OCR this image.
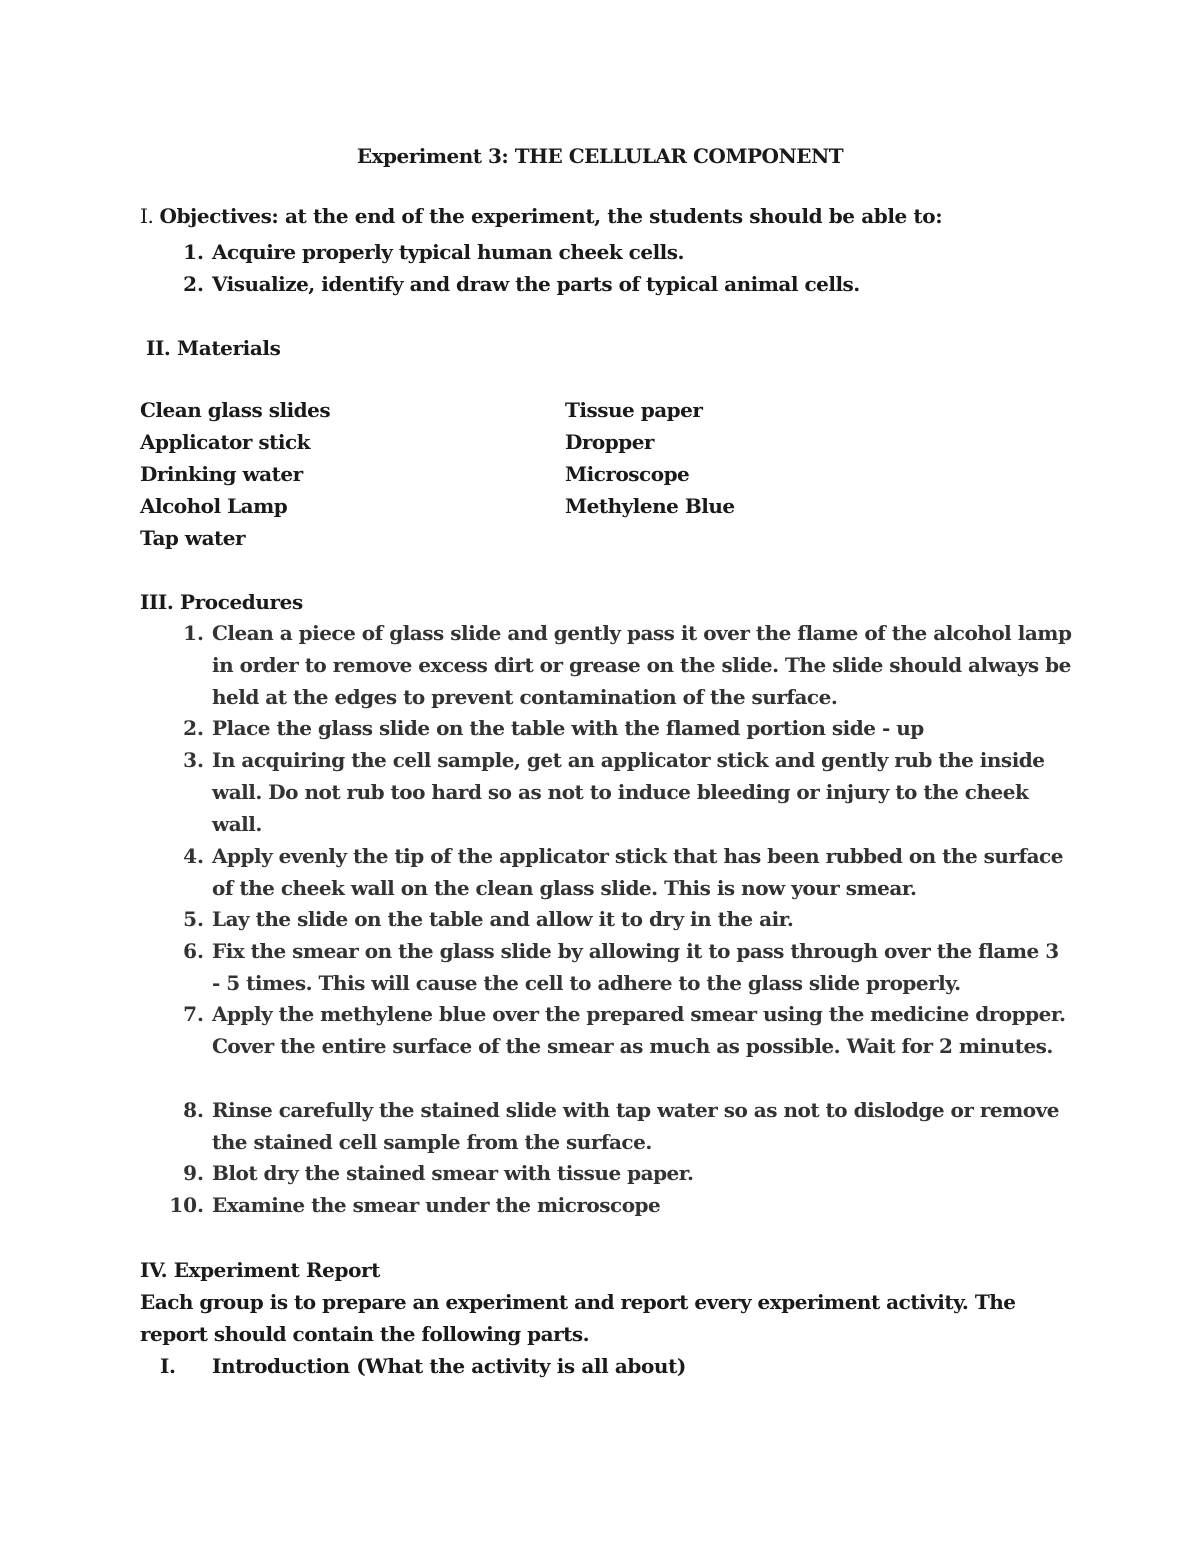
Experiment 3: THE CELLULAR COMPONENT
I. Objectives: at the end of the experiment, the students should be able to:
1. Acquire properly typical human cheek cells.
2. Visualize, identify and draw the parts of typical animal cells.
II. Materials
Clean glass slides
Applicator stick
Drinking water
Alcohol Lamp
Tap water
Tissue paper
Dropper
Microscope
Methylene Blue
III. Procedures
1. Clean a piece of glass slide and gently pass it over the flame of the alcohol lamp in order to remove excess dirt or grease on the slide. The slide should always be held at the edges to prevent contamination of the surface.
2. Place the glass slide on the table with the flamed portion side - up
3. In acquiring the cell sample, get an applicator stick and gently rub the inside wall. Do not rub too hard so as not to induce bleeding or injury to the cheek wall.
4. Apply evenly the tip of the applicator stick that has been rubbed on the surface of the cheek wall on the clean glass slide. This is now your smear.
5. Lay the slide on the table and allow it to dry in the air.
6. Fix the smear on the glass slide by allowing it to pass through over the flame 3 - 5 times. This will cause the cell to adhere to the glass slide properly.
7. Apply the methylene blue over the prepared smear using the medicine dropper. Cover the entire surface of the smear as much as possible. Wait for 2 minutes.
8. Rinse carefully the stained slide with tap water so as not to dislodge or remove the stained cell sample from the surface.
9. Blot dry the stained smear with tissue paper.
10. Examine the smear under the microscope
IV. Experiment Report
Each group is to prepare an experiment and report every experiment activity. The report should contain the following parts.
I. Introduction (What the activity is all about)
